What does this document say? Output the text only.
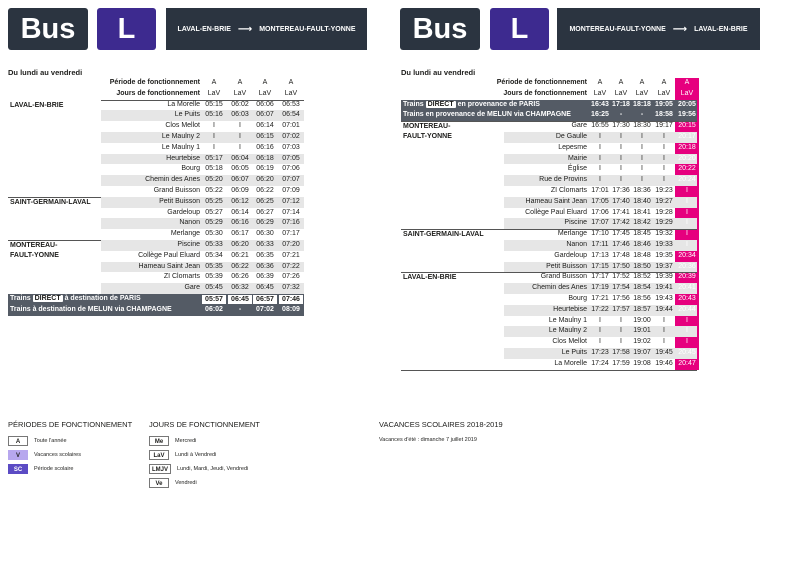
Bus	L	LAVAL-EN-BRIE ⟶ MONTEREAU-FAULT-YONNE	Bus	L	MONTEREAU-FAULT-YONNE ⟶ LAVAL-EN-BRIE
Du lundi au vendredi	Du lundi au vendredi
Période de fonctionnement	A	A	A	A
Jours de fonctionnement	LaV	LaV	LaV	LaV
LAVAL-EN-BRIE	La Morelle 05:15	06:02	06:06	06:53
Le Puits 05:16	06:03	06:07	06:54
Clos Mellot	I	I	06:14	07:01
Le Maulny 2	I	I	06:15	07:02
Le Maulny 1	I	I	06:16	07:03
Heurtebise 05:17	06:04	06:18	07:05
Bourg 05:18	06:05	06:19	07:06
Chemin des Anes 05:20	06:07	06:20	07:07
Grand Buisson 05:22	06:09	06:22	07:09
SAINT-GERMAIN-LAVAL	Petit Buisson 05:25	06:12	06:25	07:12
Gardeloup 05:27	06:14	06:27	07:14
Nanon 05:29	06:16	06:29	07:16
Merlange 05:30	06:17	06:30	07:17
MONTEREAU-
FAULT-YONNE
Piscine 05:33	06:20	06:33	07:20
Collège Paul Eluard 05:34	06:21	06:35	07:21
Hameau Saint Jean 05:35	06:22	06:36	07:22
ZI Clomarts 05:39	06:26	06:39	07:26
Gare 05:45	06:32	06:45	07:32
Trains DIRECT à destination de PARIS	05:57	06:45	06:57	07:46
Trains à destination de MELUN via CHAMPAGNE	06:02	-	07:02	08:09
Période de fonctionnement	A	A	A	A	A
Jours de fonctionnement LaV	LaV	LaV	LaV	LaV
Trains DIRECT en provenance de PARIS	16:43 17:18 18:18 19:05 20:05
Trains en provenance de MELUN via CHAMPAGNE	16:25	-	-	18:58 19:56
MONTEREAU-
FAULT-YONNE
Gare 16:55 17:30 18:30 19:17 20:15
De Gaulle	I	I	I	I	20:17
Lepesme	I	I	I	I	20:18
Mairie	I	I	I	I	20:20
Église	I	I	I	I	20:22
Rue de Provins	I	I	I	I	20:24
ZI Clomarts 17:01 17:36 18:36 19:23	I
Hameau Saint Jean 17:05 17:40 18:40 19:27	I
Collège Paul Eluard 17:06 17:41 18:41 19:28	I
Piscine 17:07 17:42 18:42 19:29	I
SAINT-GERMAIN-LAVAL	Merlange 17:10 17:45 18:45 19:32	I
Nanon 17:11 17:46 18:46 19:33	I
Gardeloup 17:13 17:48 18:48 19:35 20:34
Petit Buisson 17:15 17:50 18:50 19:37 20:36
LAVAL-EN-BRIE	Grand Buisson 17:17 17:52 18:52 19:39 20:39
Chemin des Anes 17:19 17:54 18:54 19:41 20:41
Bourg 17:21 17:56 18:56 19:43 20:43
Heurtebise 17:22 17:57 18:57 19:44 20:44
Le Maulny 1	I	I	19:00	I	I
Le Maulny 2	I	I	19:01	I	I
Clos Mellot	I	I	19:02	I	I
Le Puits 17:23 17:58 19:07 19:45 20:45
La Morelle 17:24 17:59 19:08 19:46 20:47
PÉRIODES DE FONCTIONNEMENT
A	Toute l'année
V	Vacances scolaires
SC	Période scolaire
JOURS DE FONCTIONNEMENT
Me	Mercredi
LaV	Lundi à Vendredi
LMJV	Lundi, Mardi, Jeudi, Vendredi
Ve	Vendredi
VACANCES SCOLAIRES 2018-2019
Vacances d'été : dimanche 7 juillet 2019
